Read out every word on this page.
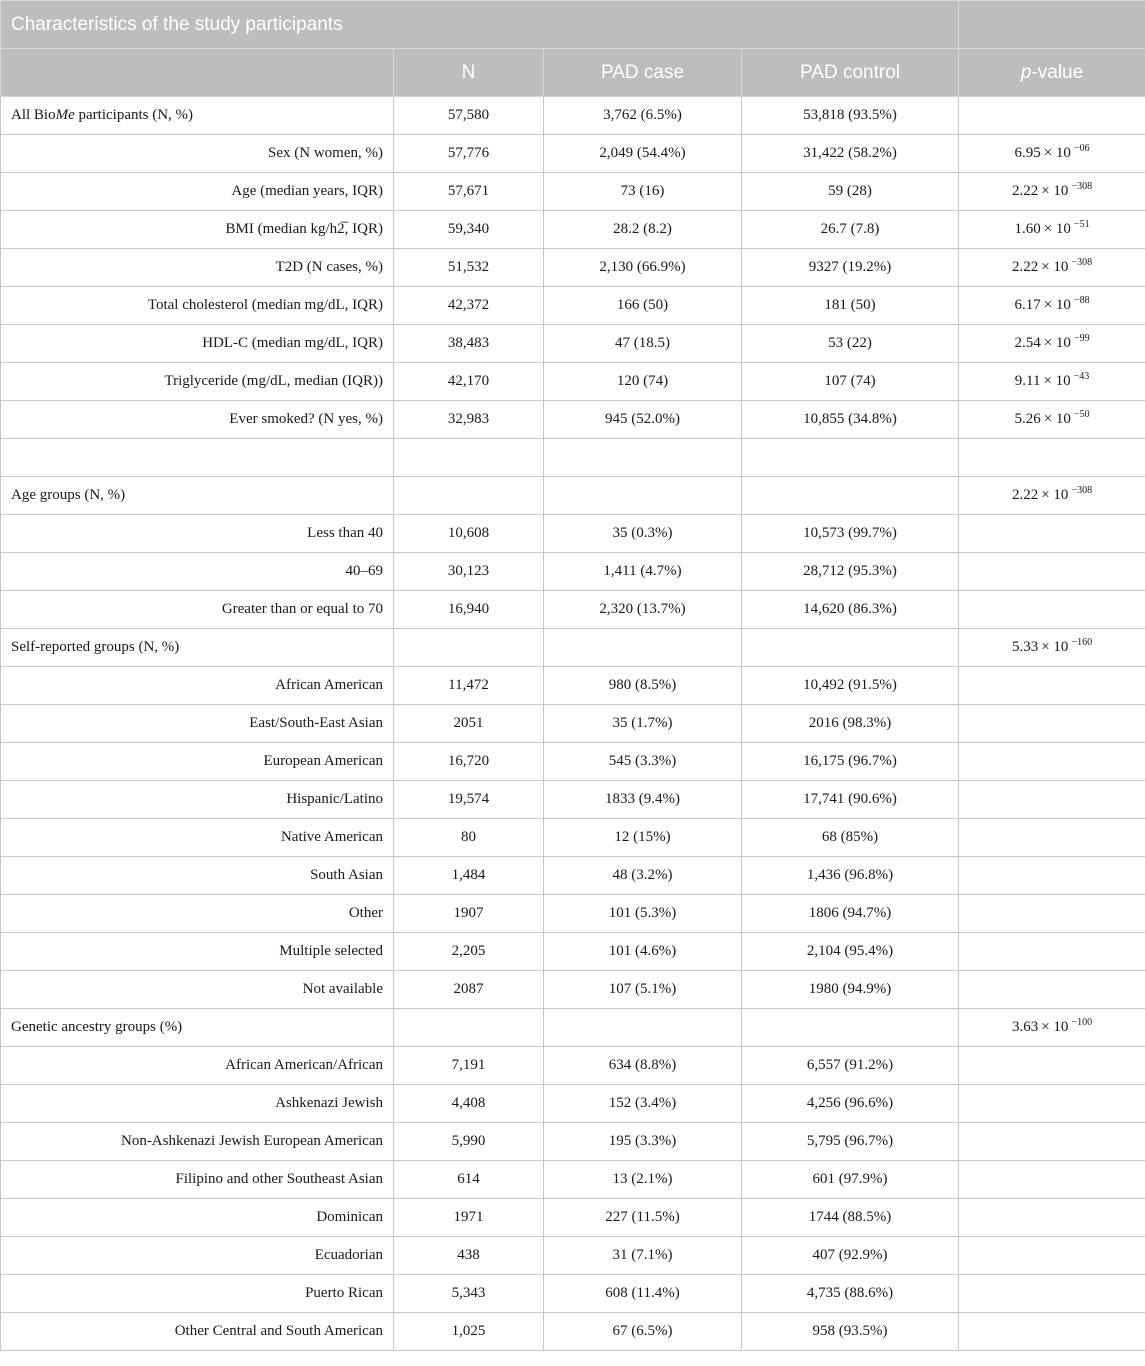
Characteristics of the study participants				
	N	PAD case	PAD control	p-value
All BioMe participants (N, %)	57,580	3,762 (6.5%)	53,818 (93.5%)	
Sex (N women, %)	57,776	2,049 (54.4%)	31,422 (58.2%)	6.95 × 10 $^{-06}$
Age (median years, IQR)	57,671	73 (16)	59 (28)	2.22 × 10 $^{-308}$
BMI (median kg/h2̅, IQR)	59,340	28.2 (8.2)	26.7 (7.8)	1.60 × 10 $^{-51}$
T2D (N cases, %)	51,532	2,130 (66.9%)	9327 (19.2%)	2.22 × 10 $^{-308}$
Total cholesterol (median mg/dL, IQR)	42,372	166 (50)	181 (50)	6.17 × 10 $^{-88}$
HDL-C (median mg/dL, IQR)	38,483	47 (18.5)	53 (22)	2.54 × 10 $^{-99}$
Triglyceride (mg/dL, median (IQR))	42,170	120 (74)	107 (74)	9.11 × 10 $^{-43}$
Ever smoked? (N yes, %)	32,983	945 (52.0%)	10,855 (34.8%)	5.26 × 10 $^{-50}$

Age groups (N, %)				2.22 × 10 $^{-308}$
Less than 40	10,608	35 (0.3%)	10,573 (99.7%)	
40–69	30,123	1,411 (4.7%)	28,712 (95.3%)	
Greater than or equal to 70	16,940	2,320 (13.7%)	14,620 (86.3%)	
Self-reported groups (N, %)				5.33 × 10 $^{-160}$
African American	11,472	980 (8.5%)	10,492 (91.5%)	
East/South-East Asian	2051	35 (1.7%)	2016 (98.3%)	
European American	16,720	545 (3.3%)	16,175 (96.7%)	
Hispanic/Latino	19,574	1833 (9.4%)	17,741 (90.6%)	
Native American	80	12 (15%)	68 (85%)	
South Asian	1,484	48 (3.2%)	1,436 (96.8%)	
Other	1907	101 (5.3%)	1806 (94.7%)	
Multiple selected	2,205	101 (4.6%)	2,104 (95.4%)	
Not available	2087	107 (5.1%)	1980 (94.9%)	
Genetic ancestry groups (%)				3.63 × 10 $^{-100}$
African American/African	7,191	634 (8.8%)	6,557 (91.2%)	
Ashkenazi Jewish	4,408	152 (3.4%)	4,256 (96.6%)	
Non-Ashkenazi Jewish European American	5,990	195 (3.3%)	5,795 (96.7%)	
Filipino and other Southeast Asian	614	13 (2.1%)	601 (97.9%)	
Dominican	1971	227 (11.5%)	1744 (88.5%)	
Ecuadorian	438	31 (7.1%)	407 (92.9%)	
Puerto Rican	5,343	608 (11.4%)	4,735 (88.6%)	
Other Central and South American	1,025	67 (6.5%)	958 (93.5%)	
